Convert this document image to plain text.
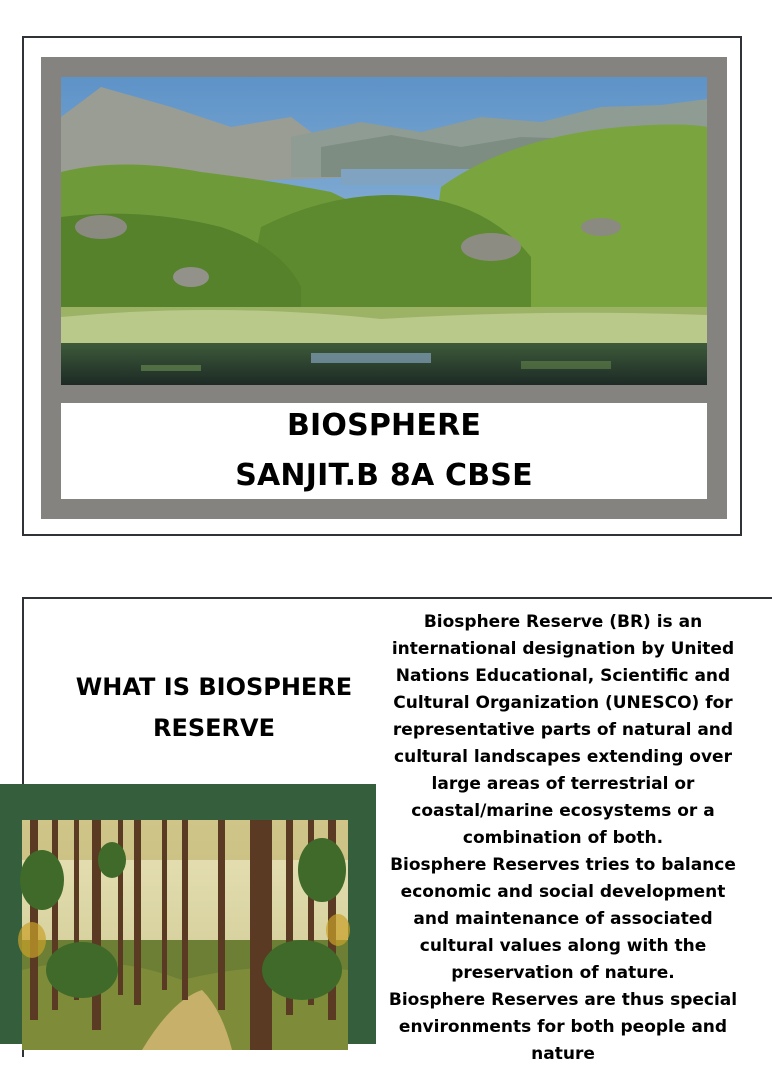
BIOSPHERE
SANJIT.B 8A CBSE
WHAT IS BIOSPHERE RESERVE

Biosphere Reserve (BR) is an international designation by United Nations Educational, Scientific and Cultural Organization (UNESCO) for representative parts of natural and cultural landscapes extending over large areas of terrestrial or coastal/marine ecosystems or a combination of both.

Biosphere Reserves tries to balance economic and social development and maintenance of associated cultural values along with the preservation of nature.

Biosphere Reserves are thus special environments for both people and nature
